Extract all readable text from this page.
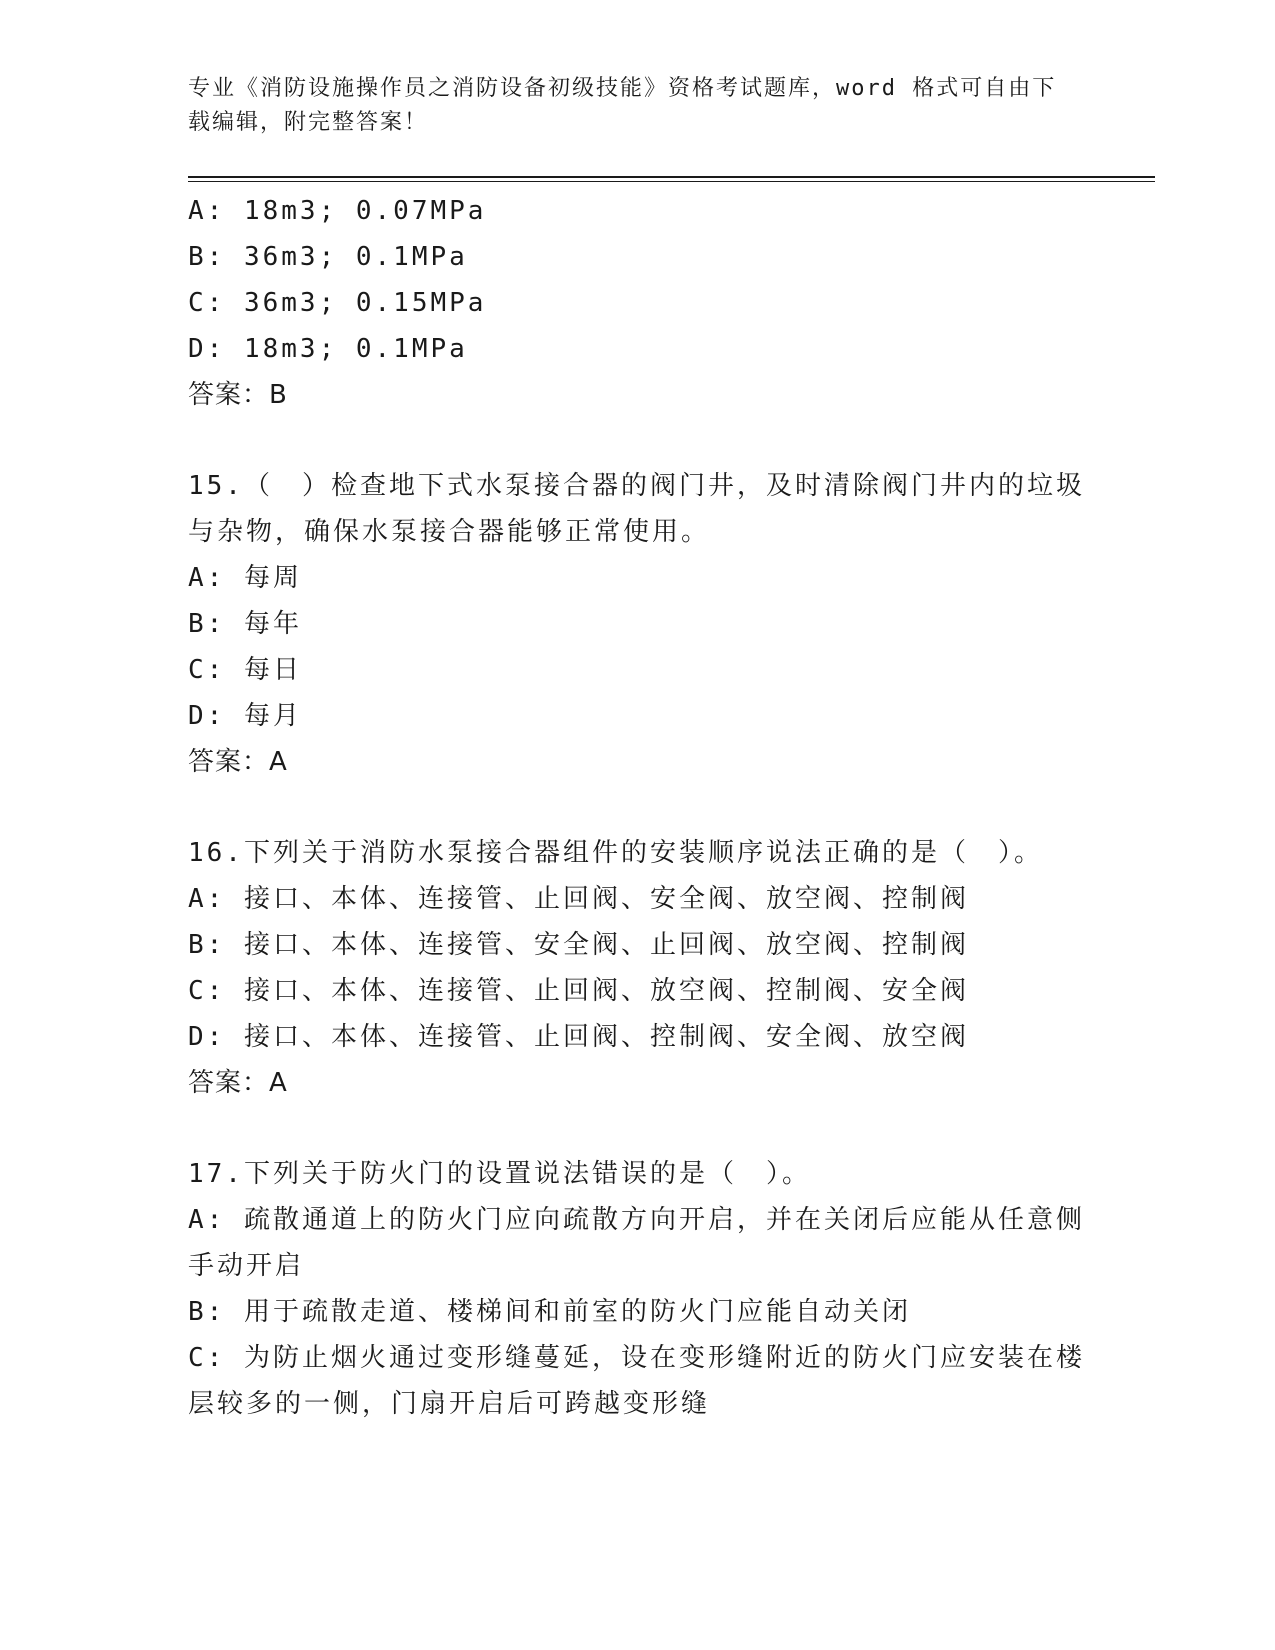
专业《消防设施操作员之消防设备初级技能》资格考试题库，word 格式可自由下
载编辑，附完整答案！
A: 18m3; 0.07MPa
B: 36m3; 0.1MPa
C: 36m3; 0.15MPa
D: 18m3; 0.1MPa
答案：B
15.（　）检查地下式水泵接合器的阀门井，及时清除阀门井内的垃圾
与杂物，确保水泵接合器能够正常使用。
A: 每周
B: 每年
C: 每日
D: 每月
答案：A
16.下列关于消防水泵接合器组件的安装顺序说法正确的是（　）。
A: 接口、本体、连接管、止回阀、安全阀、放空阀、控制阀
B: 接口、本体、连接管、安全阀、止回阀、放空阀、控制阀
C: 接口、本体、连接管、止回阀、放空阀、控制阀、安全阀
D: 接口、本体、连接管、止回阀、控制阀、安全阀、放空阀
答案：A
17.下列关于防火门的设置说法错误的是（　）。
A: 疏散通道上的防火门应向疏散方向开启，并在关闭后应能从任意侧
手动开启
B: 用于疏散走道、楼梯间和前室的防火门应能自动关闭
C: 为防止烟火通过变形缝蔓延，设在变形缝附近的防火门应安装在楼
层较多的一侧，门扇开启后可跨越变形缝
